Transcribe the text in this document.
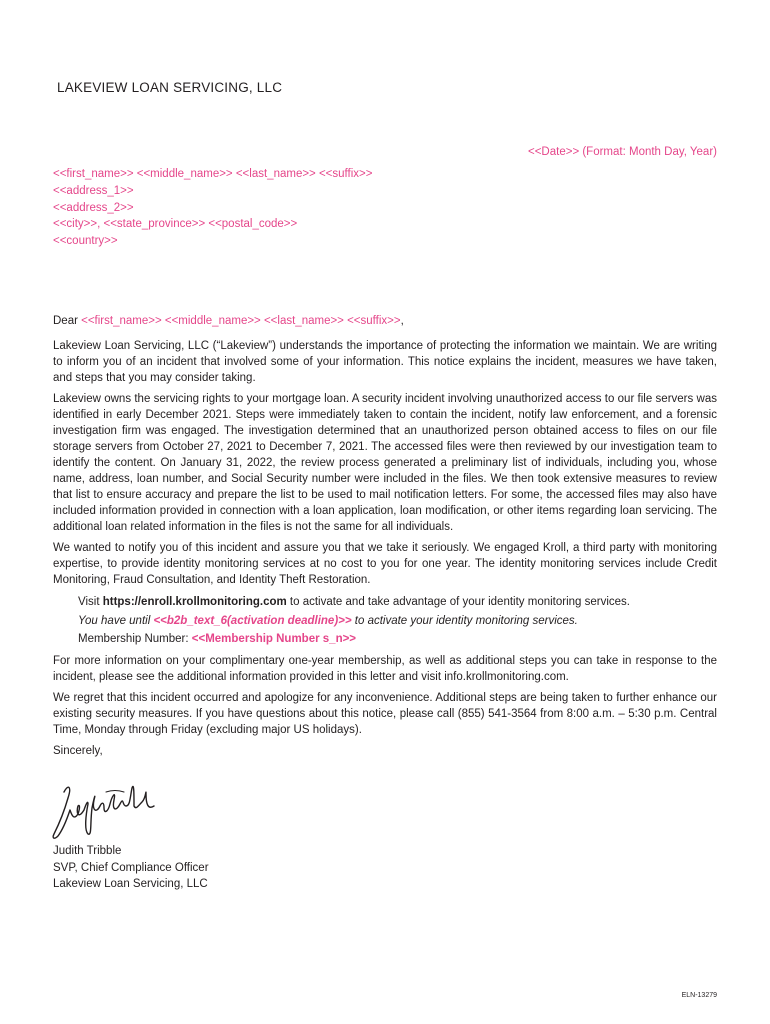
LAKEVIEW LOAN SERVICING, LLC
<<Date>> (Format: Month Day, Year)
<<first_name>> <<middle_name>> <<last_name>> <<suffix>>
<<address_1>>
<<address_2>>
<<city>>, <<state_province>> <<postal_code>>
<<country>>

Dear <<first_name>> <<middle_name>> <<last_name>> <<suffix>>,

Lakeview Loan Servicing, LLC (“Lakeview”) understands the importance of protecting the information we maintain. We are writing to inform you of an incident that involved some of your information. This notice explains the incident, measures we have taken, and steps that you may consider taking.

Lakeview owns the servicing rights to your mortgage loan. A security incident involving unauthorized access to our file servers was identified in early December 2021. Steps were immediately taken to contain the incident, notify law enforcement, and a forensic investigation firm was engaged. The investigation determined that an unauthorized person obtained access to files on our file storage servers from October 27, 2021 to December 7, 2021. The accessed files were then reviewed by our investigation team to identify the content. On January 31, 2022, the review process generated a preliminary list of individuals, including you, whose name, address, loan number, and Social Security number were included in the files. We then took extensive measures to review that list to ensure accuracy and prepare the list to be used to mail notification letters. For some, the accessed files may also have included information provided in connection with a loan application, loan modification, or other items regarding loan servicing. The additional loan related information in the files is not the same for all individuals.

We wanted to notify you of this incident and assure you that we take it seriously. We engaged Kroll, a third party with monitoring expertise, to provide identity monitoring services at no cost to you for one year. The identity monitoring services include Credit Monitoring, Fraud Consultation, and Identity Theft Restoration.

Visit https://enroll.krollmonitoring.com to activate and take advantage of your identity monitoring services.
You have until <<b2b_text_6(activation deadline)>> to activate your identity monitoring services.
Membership Number: <<Membership Number s_n>>

For more information on your complimentary one-year membership, as well as additional steps you can take in response to the incident, please see the additional information provided in this letter and visit info.krollmonitoring.com.

We regret that this incident occurred and apologize for any inconvenience. Additional steps are being taken to further enhance our existing security measures. If you have questions about this notice, please call (855) 541-3564 from 8:00 a.m. – 5:30 p.m. Central Time, Monday through Friday (excluding major US holidays).

Sincerely,

Judith Tribble
SVP, Chief Compliance Officer
Lakeview Loan Servicing, LLC
ELN-13279
